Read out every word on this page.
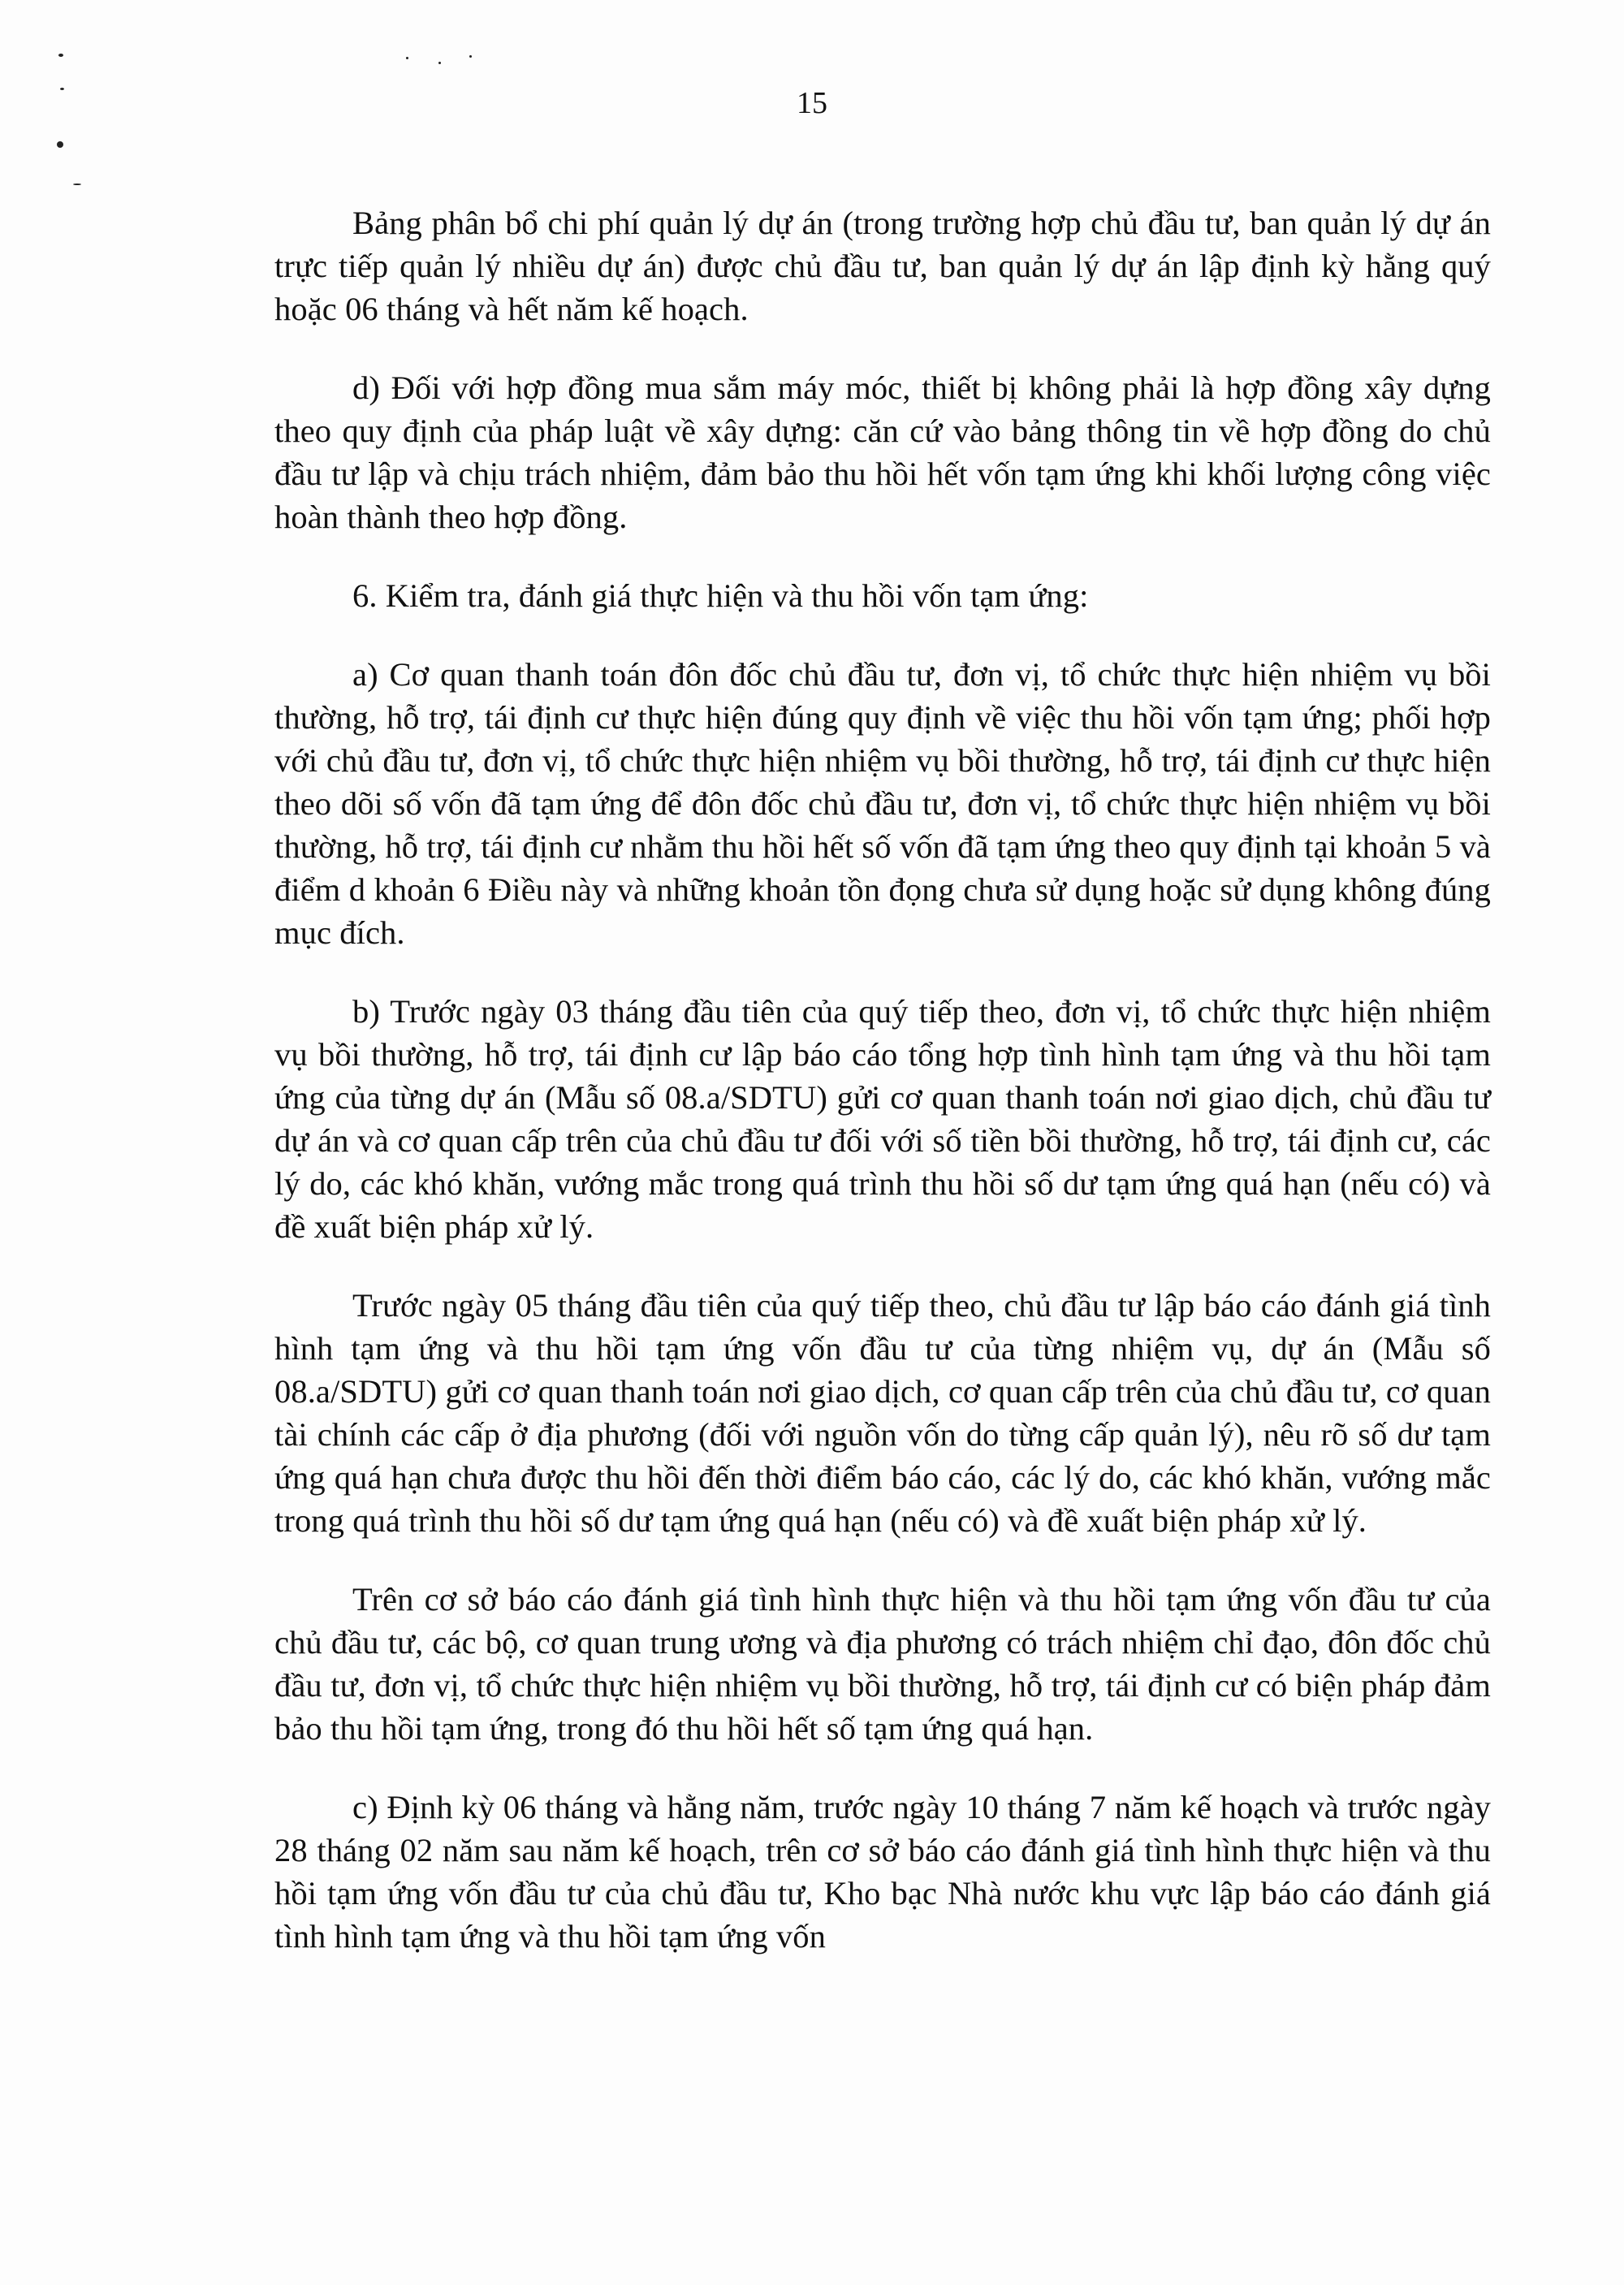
15

Bảng phân bổ chi phí quản lý dự án (trong trường hợp chủ đầu tư, ban quản lý dự án trực tiếp quản lý nhiều dự án) được chủ đầu tư, ban quản lý dự án lập định kỳ hằng quý hoặc 06 tháng và hết năm kế hoạch.

d) Đối với hợp đồng mua sắm máy móc, thiết bị không phải là hợp đồng xây dựng theo quy định của pháp luật về xây dựng: căn cứ vào bảng thông tin về hợp đồng do chủ đầu tư lập và chịu trách nhiệm, đảm bảo thu hồi hết vốn tạm ứng khi khối lượng công việc hoàn thành theo hợp đồng.

6. Kiểm tra, đánh giá thực hiện và thu hồi vốn tạm ứng:

a) Cơ quan thanh toán đôn đốc chủ đầu tư, đơn vị, tổ chức thực hiện nhiệm vụ bồi thường, hỗ trợ, tái định cư thực hiện đúng quy định về việc thu hồi vốn tạm ứng; phối hợp với chủ đầu tư, đơn vị, tổ chức thực hiện nhiệm vụ bồi thường, hỗ trợ, tái định cư thực hiện theo dõi số vốn đã tạm ứng để đôn đốc chủ đầu tư, đơn vị, tổ chức thực hiện nhiệm vụ bồi thường, hỗ trợ, tái định cư nhằm thu hồi hết số vốn đã tạm ứng theo quy định tại khoản 5 và điểm d khoản 6 Điều này và những khoản tồn đọng chưa sử dụng hoặc sử dụng không đúng mục đích.

b) Trước ngày 03 tháng đầu tiên của quý tiếp theo, đơn vị, tổ chức thực hiện nhiệm vụ bồi thường, hỗ trợ, tái định cư lập báo cáo tổng hợp tình hình tạm ứng và thu hồi tạm ứng của từng dự án (Mẫu số 08.a/SDTU) gửi cơ quan thanh toán nơi giao dịch, chủ đầu tư dự án và cơ quan cấp trên của chủ đầu tư đối với số tiền bồi thường, hỗ trợ, tái định cư, các lý do, các khó khăn, vướng mắc trong quá trình thu hồi số dư tạm ứng quá hạn (nếu có) và đề xuất biện pháp xử lý.

Trước ngày 05 tháng đầu tiên của quý tiếp theo, chủ đầu tư lập báo cáo đánh giá tình hình tạm ứng và thu hồi tạm ứng vốn đầu tư của từng nhiệm vụ, dự án (Mẫu số 08.a/SDTU) gửi cơ quan thanh toán nơi giao dịch, cơ quan cấp trên của chủ đầu tư, cơ quan tài chính các cấp ở địa phương (đối với nguồn vốn do từng cấp quản lý), nêu rõ số dư tạm ứng quá hạn chưa được thu hồi đến thời điểm báo cáo, các lý do, các khó khăn, vướng mắc trong quá trình thu hồi số dư tạm ứng quá hạn (nếu có) và đề xuất biện pháp xử lý.

Trên cơ sở báo cáo đánh giá tình hình thực hiện và thu hồi tạm ứng vốn đầu tư của chủ đầu tư, các bộ, cơ quan trung ương và địa phương có trách nhiệm chỉ đạo, đôn đốc chủ đầu tư, đơn vị, tổ chức thực hiện nhiệm vụ bồi thường, hỗ trợ, tái định cư có biện pháp đảm bảo thu hồi tạm ứng, trong đó thu hồi hết số tạm ứng quá hạn.

c) Định kỳ 06 tháng và hằng năm, trước ngày 10 tháng 7 năm kế hoạch và trước ngày 28 tháng 02 năm sau năm kế hoạch, trên cơ sở báo cáo đánh giá tình hình thực hiện và thu hồi tạm ứng vốn đầu tư của chủ đầu tư, Kho bạc Nhà nước khu vực lập báo cáo đánh giá tình hình tạm ứng và thu hồi tạm ứng vốn
